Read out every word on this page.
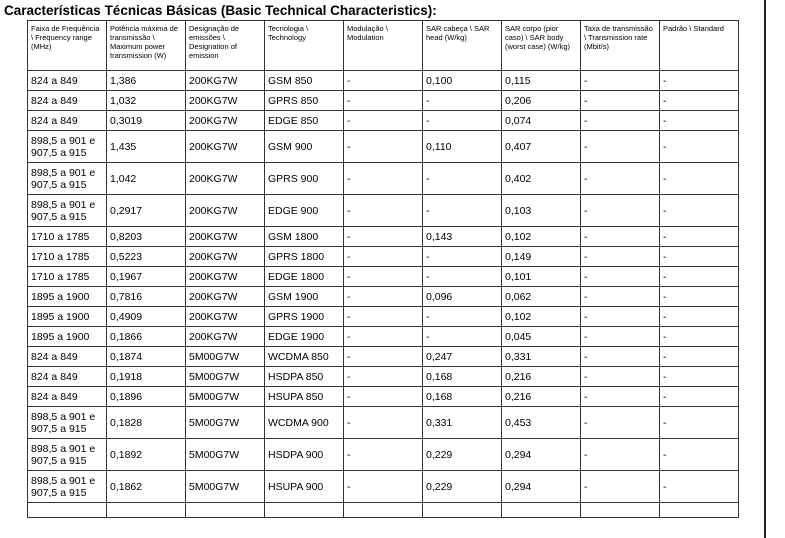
Características Técnicas Básicas (Basic Technical Characteristics):
Faixa de Frequência \ Frequency range (MHz)	Potência máxima de transmissão \ Maximum power transmission (W)	Designação de emissões \ Designation of emission	Tecnologia \ Technology	Modulação \ Modulation	SAR cabeça \ SAR head (W/kg)	SAR corpo (pior caso) \ SAR body (worst case) (W/kg)	Taxa de transmissão \ Transmission rate (Mbit/s)	Padrão \ Standard
824 a 849	1,386	200KG7W	GSM 850	-	0,100	0,115	-	-
824 a 849	1,032	200KG7W	GPRS 850	-	-	0,206	-	-
824 a 849	0,3019	200KG7W	EDGE 850	-	-	0,074	-	-
898,5 a 901 e 907,5 a 915	1,435	200KG7W	GSM 900	-	0,110	0,407	-	-
898,5 a 901 e 907,5 a 915	1,042	200KG7W	GPRS 900	-	-	0,402	-	-
898,5 a 901 e 907,5 a 915	0,2917	200KG7W	EDGE 900	-	-	0,103	-	-
1710 a 1785	0,8203	200KG7W	GSM 1800	-	0,143	0,102	-	-
1710 a 1785	0,5223	200KG7W	GPRS 1800	-	-	0,149	-	-
1710 a 1785	0,1967	200KG7W	EDGE 1800	-	-	0,101	-	-
1895 a 1900	0,7816	200KG7W	GSM 1900	-	0,096	0,062	-	-
1895 a 1900	0,4909	200KG7W	GPRS 1900	-	-	0,102	-	-
1895 a 1900	0,1866	200KG7W	EDGE 1900	-	-	0,045	-	-
824 a 849	0,1874	5M00G7W	WCDMA 850	-	0,247	0,331	-	-
824 a 849	0,1918	5M00G7W	HSDPA 850	-	0,168	0,216	-	-
824 a 849	0,1896	5M00G7W	HSUPA 850	-	0,168	0,216	-	-
898,5 a 901 e 907,5 a 915	0,1828	5M00G7W	WCDMA 900	-	0,331	0,453	-	-
898,5 a 901 e 907,5 a 915	0,1892	5M00G7W	HSDPA 900	-	0,229	0,294	-	-
898,5 a 901 e 907,5 a 915	0,1862	5M00G7W	HSUPA 900	-	0,229	0,294	-	-
